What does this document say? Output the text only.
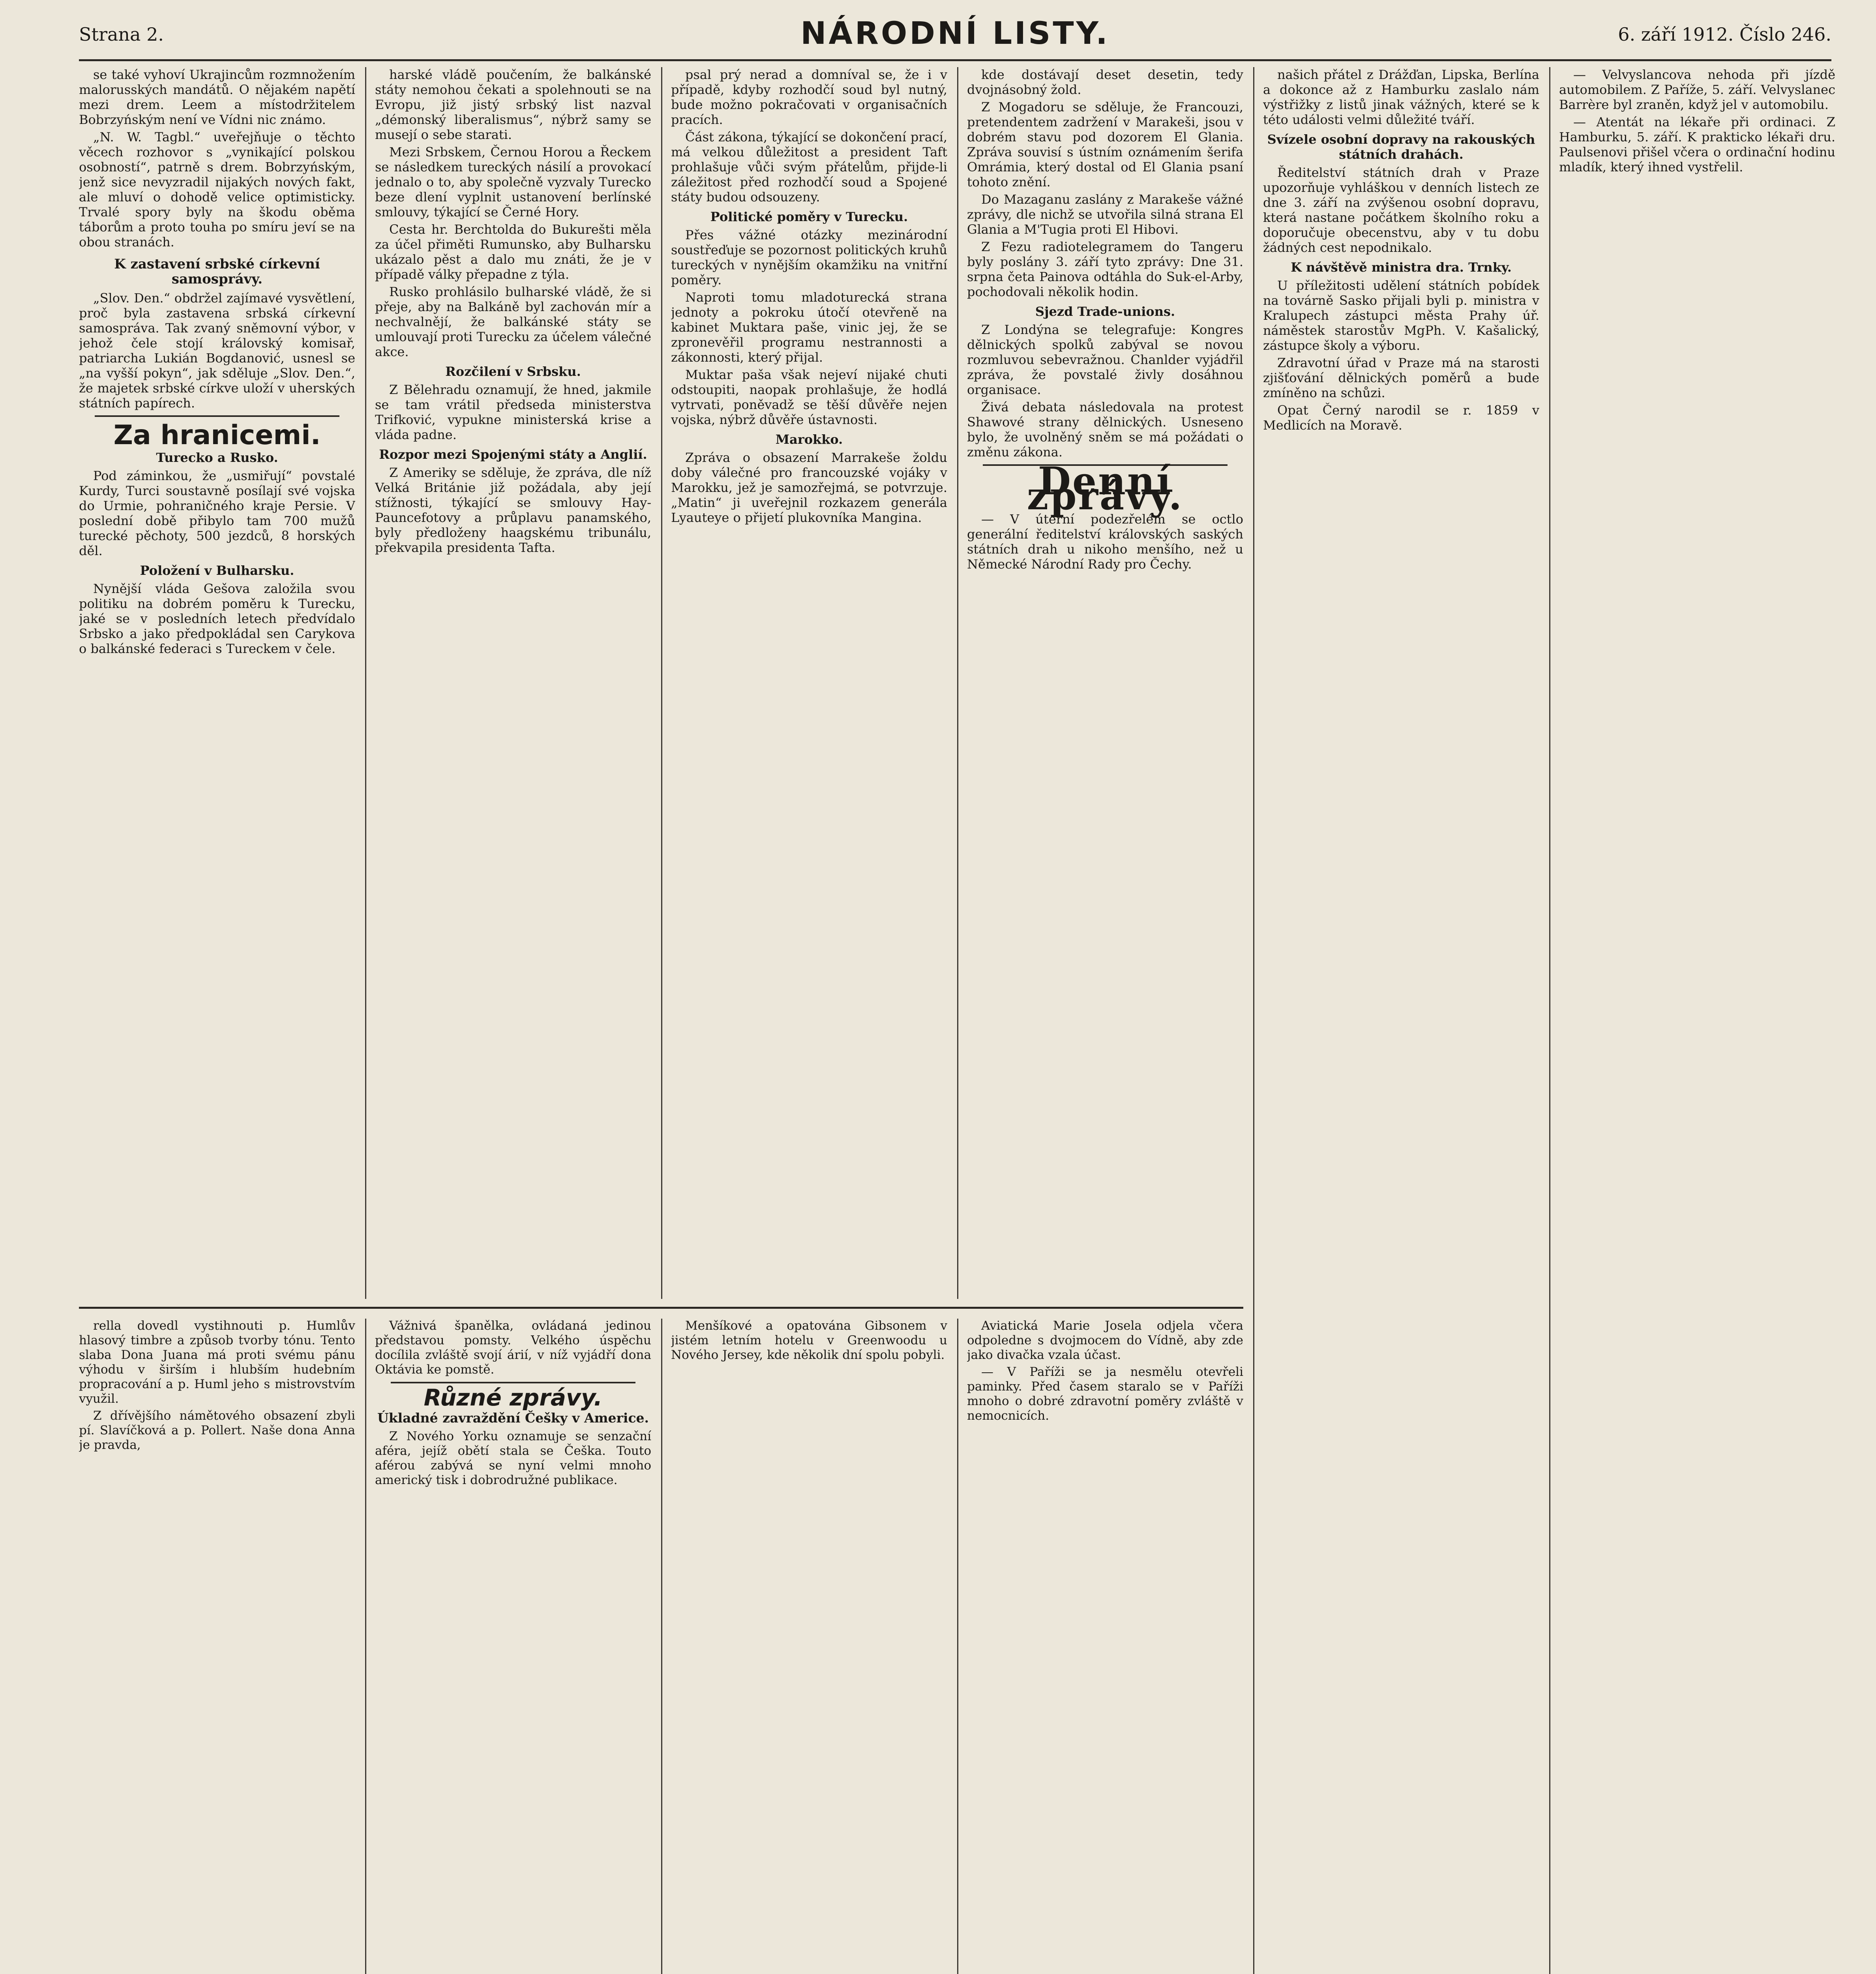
Strana 2.	NÁRODNÍ LISTY.	6. září 1912. Číslo 246.

se také vyhoví Ukrajincům rozmnožením malorusských mandátů. O nějakém napětí mezi drem. Leem a místodržitelem Bobrzyńským není ve Vídni nic známo.

„N. W. Tagbl.“ uveřejňuje o těchto věcech rozhovor s „vynikající polskou osobností“, patrně s drem. Bobrzyńským, jenž sice nevyzradil nijakých nových fakt, ale mluví o dohodě velice optimisticky. Trvalé spory byly na škodu oběma táborům a proto touha po smíru jeví se na obou stranách.

K zastavení srbské církevní samosprávy.

„Slov. Den.“ obdržel zajímavé vysvětlení, proč byla zastavena srbská církevní samospráva. Tak zvaný sněmovní výbor, v jehož čele stojí královský komisař, patriarcha Lukián Bogdanović, usnesl se „na vyšší pokyn“, jak sděluje „Slov. Den.“, že majetek srbské církve uloží v uherských státních papírech.

Za hranicemi.
Turecko a Rusko.

Pod záminkou, že „usmiřují“ povstalé Kurdy, Turci soustavně posílají své vojska do Urmie, pohraničného kraje Persie. V poslední době přibylo tam 700 mužů turecké pěchoty, 500 jezdců, 8 horských děl.

Položení v Bulharsku.

Nynější vláda Gešova založila svou politiku na dobrém poměru k Turecku, jaké se v posledních letech předvídalo Srbsko a jako předpokládal sen Carykova o balkánské federaci s Tureckem v čele.

harské vládě poučením, že balkánské státy nemohou čekati a spolehnouti se na Evropu, již jistý srbský list nazval „démonský liberalismus“, nýbrž samy se musejí o sebe starati.

Mezi Srbskem, Černou Horou a Řeckem se následkem tureckých násilí a provokací jednalo o to, aby společně vyzvaly Turecko beze dlení vyplnit ustanovení berlínské smlouvy, týkající se Černé Hory.

Cesta hr. Berchtolda do Bukurešti měla za účel přiměti Rumunsko, aby Bulharsku ukázalo pěst a dalo mu znáti, že je v případě války přepadne z týla.

Rusko prohlásilo bulharské vládě, že si přeje, aby na Balkáně byl zachován mír a nechvalnějí, že balkánské státy se umlouvají proti Turecku za účelem válečné akce.

Rozčilení v Srbsku.

Z Bělehradu oznamují, že hned, jakmile se tam vrátil předseda ministerstva Trifković, vypukne ministerská krise a vláda padne.

Rozpor mezi Spojenými státy a Anglií.

Z Ameriky se sděluje, že zpráva, dle níž Velká Británie již požádala, aby její stížnosti, týkající se smlouvy Hay-Pauncefotovy a průplavu panamského, byly předloženy haagskému tribunálu, překvapila presidenta Tafta.

psal prý nerad a domníval se, že i v případě, kdyby rozhodčí soud byl nutný, bude možno pokračovati v organisačních pracích.

Část zákona, týkající se dokončení prací, má velkou důležitost a president Taft prohlašuje vůči svým přátelům, přijde-li záležitost před rozhodčí soud a Spojené státy budou odsouzeny.

Politické poměry v Turecku.

Přes vážné otázky mezinárodní soustřeďuje se pozornost politických kruhů tureckých v nynějším okamžiku na vnitřní poměry.

Naproti tomu mladoturecká strana jednoty a pokroku útočí otevřeně na kabinet Muktara paše, vinic jej, že se zpronevěřil programu nestrannosti a zákonnosti, který přijal.

Muktar paša však nejeví nijaké chuti odstoupiti, naopak prohlašuje, že hodlá vytrvati, poněvadž se těší důvěře nejen vojska, nýbrž důvěře ústavnosti.

Marokko.

Zpráva o obsazení Marrakeše žoldu doby válečné pro francouzské vojáky v Marokku, jež je samozřejmá, se potvrzuje. „Matin“ ji uveřejnil rozkazem generála Lyauteye o přijetí plukovníka Mangina.

kde dostávají deset desetin, tedy dvojnásobný žold.

Z Mogadoru se sděluje, že Francouzi, pretendentem zadržení v Marakeši, jsou v dobrém stavu pod dozorem El Glania. Zpráva souvisí s ústním oznámením šerifa Omrámia, který dostal od El Glania psaní tohoto znění.

Do Mazaganu zaslány z Marakeše vážné zprávy, dle nichž se utvořila silná strana El Glania a M'Tugia proti El Hibovi.

Z Fezu radiotelegramem do Tangeru byly poslány 3. září tyto zprávy: Dne 31. srpna četa Painova odtáhla do Suk-el-Arby, pochodovali několik hodin.

Sjezd Trade-unions.

Z Londýna se telegrafuje: Kongres dělnických spolků zabýval se novou rozmluvou sebevražnou. Chanlder vyjádřil zpráva, že povstalé živly dosáhnou organisace.

Živá debata následovala na protest Shawové strany dělnických. Usneseno bylo, že uvolněný sněm se má požádati o změnu zákona.

Denní zprávy.

— V úterní podezřelém se octlo generální ředitelství královských saských státních drah u nikoho menšího, než u Německé Národní Rady pro Čechy.

našich přátel z Drážďan, Lipska, Berlína a dokonce až z Hamburku zaslalo nám výstřižky z listů jinak vážných, které se k této události velmi důležité tváří.

Svízele osobní dopravy na rakouských státních drahách.

Ředitelství státních drah v Praze upozorňuje vyhláškou v denních listech ze dne 3. září na zvýšenou osobní dopravu, která nastane počátkem školního roku a doporučuje obecenstvu, aby v tu dobu žádných cest nepodnikalo.

K návštěvě ministra dra. Trnky.

U příležitosti udělení státních pobídek na továrně Sasko přijali byli p. ministra v Kralupech zástupci města Prahy úř. náměstek starostův MgPh. V. Kašalický, zástupce školy a výboru.

Zdravotní úřad v Praze má na starosti zjišťování dělnických poměrů a bude zmíněno na schůzi.

Opat Černý narodil se r. 1859 v Medlicích na Moravě.

— Velvyslancova nehoda při jízdě automobilem. Z Paříže, 5. září. Velvyslanec Barrère byl zraněn, když jel v automobilu.

— Atentát na lékaře při ordinaci. Z Hamburku, 5. září. K prakticko lékaři dru. Paulsenovi přišel včera o ordinační hodinu mladík, který ihned vystřelil.

rella dovedl vystihnouti p. Humlův hlasový timbre a způsob tvorby tónu. Tento slaba Dona Juana má proti svému pánu výhodu v širším i hlubším hudebním propracování a p. Huml jeho s mistrovstvím využil.

Z dřívějšího námětového obsazení zbyli pí. Slavíčková a p. Pollert. Naše dona Anna je pravda,

Vážnivá španělka, ovládaná jedinou představou pomsty. Velkého úspěchu docílila zvláště svojí árií, v níž vyjádří dona Oktávia ke pomstě.

Různé zprávy.
Úkladné zavraždění Češky v Americe.

Z Nového Yorku oznamuje se senzační aféra, jejíž obětí stala se Češka. Touto aférou zabývá se nyní velmi mnoho americký tisk i dobrodružné publikace.

Menšíkové a opatována Gibsonem v jistém letním hotelu v Greenwoodu u Nového Jersey, kde několik dní spolu pobyli.

Aviatická Marie Josela odjela včera odpoledne s dvojmocem do Vídně, aby zde jako divačka vzala účast.

— V Paříži se ja nesmělu otevřeli paminky. Před časem staralo se v Paříži mnoho o dobré zdravotní poměry zvláště v nemocnicích.
